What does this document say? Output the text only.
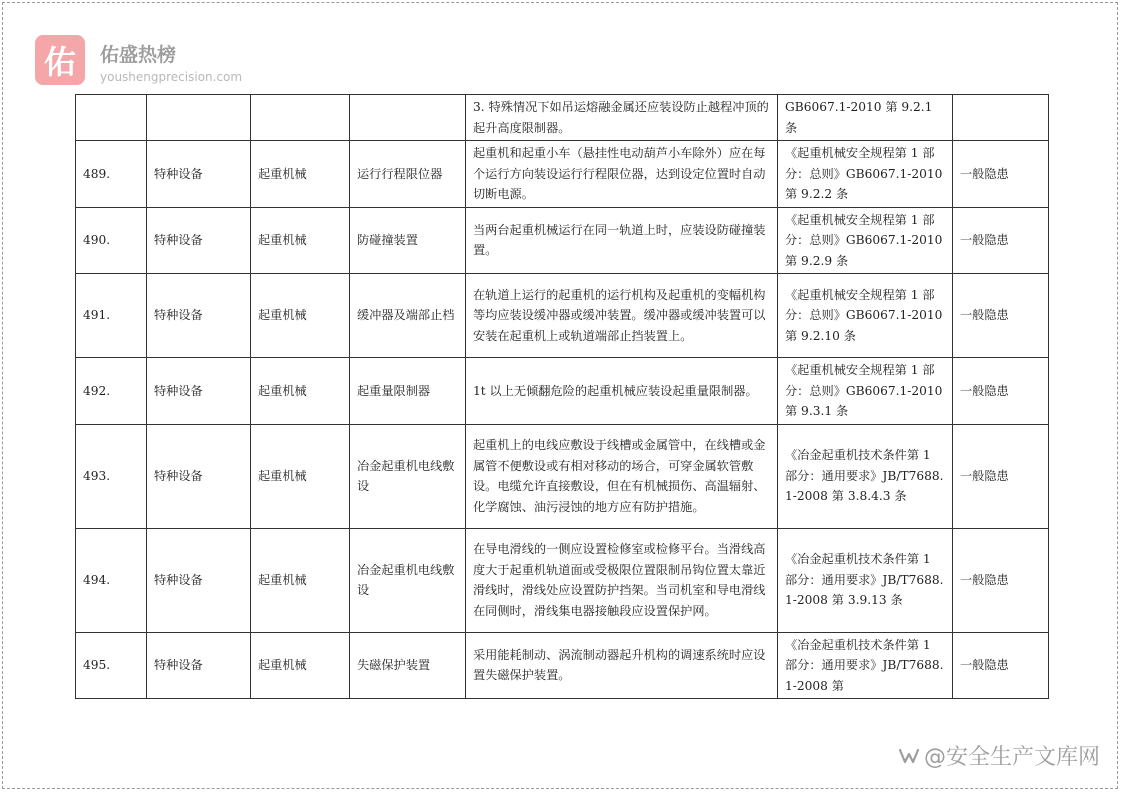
佑	佑盛热榜
youshengprecision.com
				3. 特殊情况下如吊运熔融金属还应装设防止越程冲顶的起升高度限制器。	GB6067.1-2010 第 9.2.1 条	
489.	特种设备	起重机械	运行行程限位器	起重机和起重小车（悬挂性电动葫芦小车除外）应在每个运行方向装设运行行程限位器，达到设定位置时自动切断电源。	《起重机械安全规程第 1 部分：总则》GB6067.1-2010 第 9.2.2 条	一般隐患
490.	特种设备	起重机械	防碰撞装置	当两台起重机械运行在同一轨道上时，应装设防碰撞装置。	《起重机械安全规程第 1 部分：总则》GB6067.1-2010 第 9.2.9 条	一般隐患
491.	特种设备	起重机械	缓冲器及端部止档	在轨道上运行的起重机的运行机构及起重机的变幅机构等均应装设缓冲器或缓冲装置。缓冲器或缓冲装置可以安装在起重机上或轨道端部止挡装置上。	《起重机械安全规程第 1 部分：总则》GB6067.1-2010 第 9.2.10 条	一般隐患
492.	特种设备	起重机械	起重量限制器	1t 以上无倾翻危险的起重机械应装设起重量限制器。	《起重机械安全规程第 1 部分：总则》GB6067.1-2010 第 9.3.1 条	一般隐患
493.	特种设备	起重机械	冶金起重机电线敷设	起重机上的电线应敷设于线槽或金属管中，在线槽或金属管不便敷设或有相对移动的场合，可穿金属软管敷设。电缆允许直接敷设，但在有机械损伤、高温辐射、化学腐蚀、油污浸蚀的地方应有防护措施。	《冶金起重机技术条件第 1 部分：通用要求》JB/T7688.1-2008 第 3.8.4.3 条	一般隐患
494.	特种设备	起重机械	冶金起重机电线敷设	在导电滑线的一侧应设置检修室或检修平台。当滑线高度大于起重机轨道面或受极限位置限制吊钩位置太靠近滑线时，滑线处应设置防护挡架。当司机室和导电滑线在同侧时，滑线集电器接触段应设置保护网。	《冶金起重机技术条件第 1 部分：通用要求》JB/T7688.1-2008 第 3.9.13 条	一般隐患
495.	特种设备	起重机械	失磁保护装置	采用能耗制动、涡流制动器起升机构的调速系统时应设置失磁保护装置。	《冶金起重机技术条件第 1 部分：通用要求》JB/T7688.1-2008 第	一般隐患
@安全生产文库网
